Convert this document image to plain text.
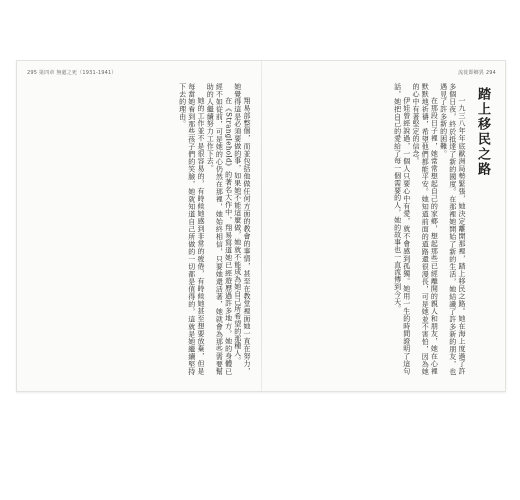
295 第四章 無處之死（1931-1941）

翔易部整個，而並包括他做任何方面的教會的事情，甚至在教堂裡面她一直在努力，她覺得這是必須要做的事，如果她不能這麼做，她就不能成為她自己所希望的那種人。

在《Stranglehold》的著名大作中，翔易寫道她已經遊歷過許多地方，她的身體已經不如從前，可是她的心仍然在那裡，她始終相信，只要她還活著，她就會為那些需要幫助的人繼續努力工作下去。

她的工作並不是很容易的，有時候她感到非常的疲倦，有時候她甚至想要放棄，但是每當她看到那些孩子們的笑臉，她就知道自己所做的一切都是值得的，這就是她繼續堅持下去的理由。

流徙即鄉異 294
踏上移民之路

一九三八年年底歐洲局勢緊張，她決定離開那裡，踏上移民之路。她在海上度過了許多個日夜，終於抵達了新的國度。在那裡她開始了新的生活，她結識了許多新的朋友，也遇見了許多新的困難。

在那段日子裡，她常常想起自己的家鄉，想起那些已經離開的親人和朋友，她在心裡默默地祈禱，希望他們都能平安。她知道前面的道路還很漫長，可是她並不害怕，因為她的心中有著堅定的信念。

伊娃曾經說過，一個人只要心中有愛，就不會感到孤獨。她用一生的時間證明了這句話，她把自己的愛給了每一個需要的人，她的故事也一直流傳到今天。
